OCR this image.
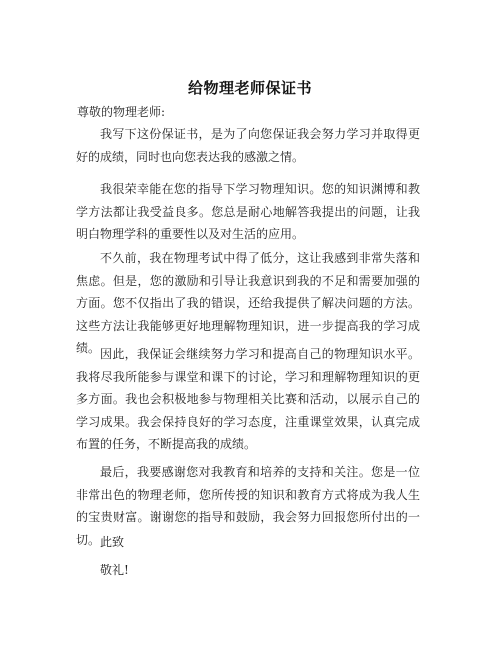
给物理老师保证书
尊敬的物理老师:

我写下这份保证书，是为了向您保证我会努力学习并取得更好的成绩，同时也向您表达我的感激之情。

我很荣幸能在您的指导下学习物理知识。您的知识渊博和教学方法都让我受益良多。您总是耐心地解答我提出的问题，让我明白物理学科的重要性以及对生活的应用。

不久前，我在物理考试中得了低分，这让我感到非常失落和焦虑。但是，您的激励和引导让我意识到我的不足和需要加强的方面。您不仅指出了我的错误，还给我提供了解决问题的方法。这些方法让我能够更好地理解物理知识，进一步提高我的学习成绩。 因此，我保证会继续努力学习和提高自己的物理知识水平。我将尽我所能参与课堂和课下的讨论，学习和理解物理知识的更多方面。我也会积极地参与物理相关比赛和活动，以展示自己的学习成果。我会保持良好的学习态度，注重课堂效果，认真完成布置的任务，不断提高我的成绩。

最后，我要感谢您对我教育和培养的支持和关注。您是一位非常出色的物理老师，您所传授的知识和教育方式将成为我人生的宝贵财富。谢谢您的指导和鼓励，我会努力回报您所付出的一切。 此致
敬礼!
